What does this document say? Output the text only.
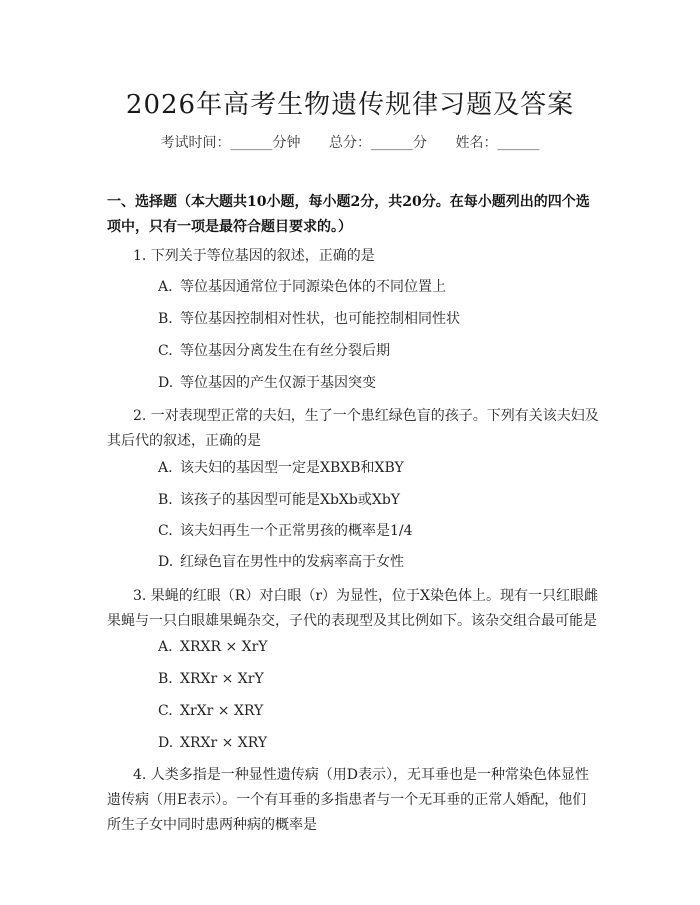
2026年高考生物遗传规律习题及答案
考试时间：______分钟 总分：______分 姓名：______
一、选择题（本大题共10小题，每小题2分，共20分。在每小题列出的四个选项中，只有一项是最符合题目要求的。）
1. 下列关于等位基因的叙述，正确的是
A. 等位基因通常位于同源染色体的不同位置上
B. 等位基因控制相对性状，也可能控制相同性状
C. 等位基因分离发生在有丝分裂后期
D. 等位基因的产生仅源于基因突变
2. 一对表现型正常的夫妇，生了一个患红绿色盲的孩子。下列有关该夫妇及其后代的叙述，正确的是
A. 该夫妇的基因型一定是XBXB和XBY
B. 该孩子的基因型可能是XbXb或XbY
C. 该夫妇再生一个正常男孩的概率是1/4
D. 红绿色盲在男性中的发病率高于女性
3. 果蝇的红眼（R）对白眼（r）为显性，位于X染色体上。现有一只红眼雌果蝇与一只白眼雄果蝇杂交，子代的表现型及其比例如下。该杂交组合最可能是
A. XRXR × XrY
B. XRXr × XrY
C. XrXr × XRY
D. XRXr × XRY
4. 人类多指是一种显性遗传病（用D表示），无耳垂也是一种常染色体显性遗传病（用E表示）。一个有耳垂的多指患者与一个无耳垂的正常人婚配，他们所生子女中同时患两种病的概率是
